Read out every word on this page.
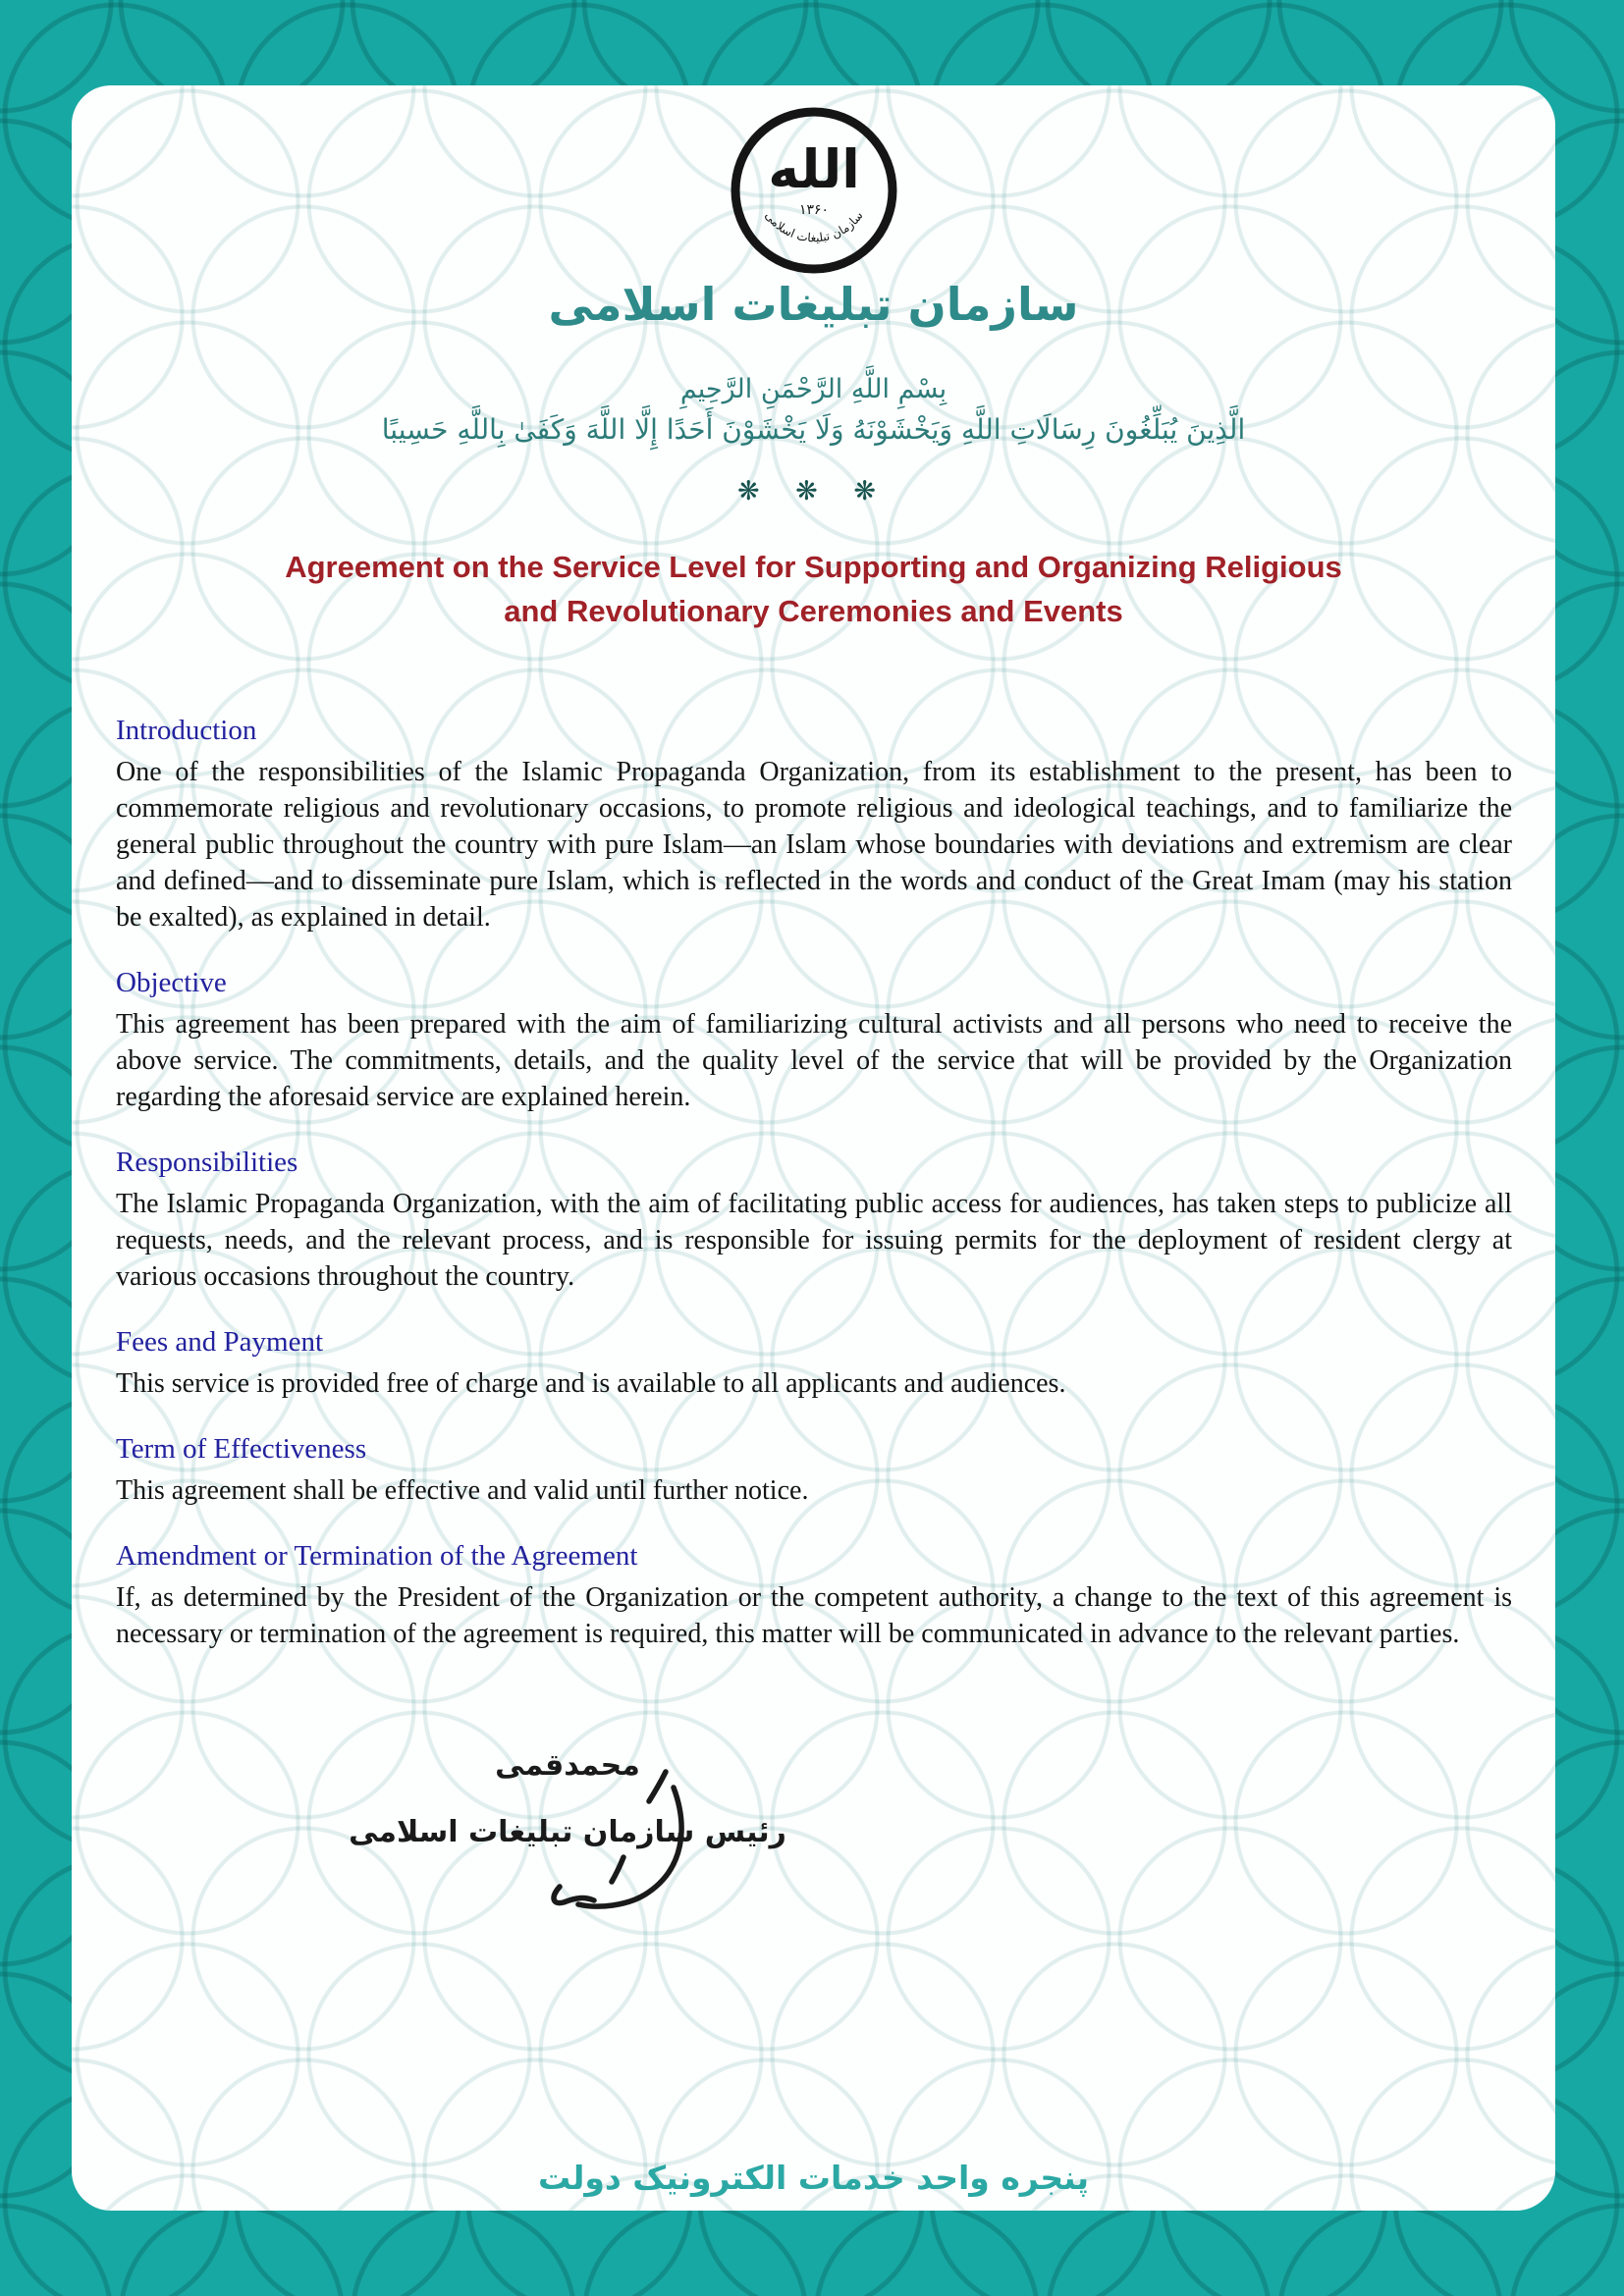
الله
۱۳۶۰
سازمان تبلیغات اسلامی
سازمان تبلیغات اسلامی
بِسْمِ اللَّهِ الرَّحْمَنِ الرَّحِيمِ
الَّذِينَ يُبَلِّغُونَ رِسَالَاتِ اللَّهِ وَيَخْشَوْنَهُ وَلَا يَخْشَوْنَ أَحَدًا إِلَّا اللَّهَ وَكَفَىٰ بِاللَّهِ حَسِيبًا
❋ ❋ ❋
Agreement on the Service Level for Supporting and Organizing Religious
and Revolutionary Ceremonies and Events
Introduction

One of the responsibilities of the Islamic Propaganda Organization, from its establishment to the present, has been to commemorate religious and revolutionary occasions, to promote religious and ideological teachings, and to familiarize the general public throughout the country with pure Islam—an Islam whose boundaries with deviations and extremism are clear and defined—and to disseminate pure Islam, which is reflected in the words and conduct of the Great Imam (may his station be exalted), as explained in detail.

Objective

This agreement has been prepared with the aim of familiarizing cultural activists and all persons who need to receive the above service. The commitments, details, and the quality level of the service that will be provided by the Organization regarding the aforesaid service are explained herein.

Responsibilities

The Islamic Propaganda Organization, with the aim of facilitating public access for audiences, has taken steps to publicize all requests, needs, and the relevant process, and is responsible for issuing permits for the deployment of resident clergy at various occasions throughout the country.

Fees and Payment

This service is provided free of charge and is available to all applicants and audiences.

Term of Effectiveness

This agreement shall be effective and valid until further notice.

Amendment or Termination of the Agreement

If, as determined by the President of the Organization or the competent authority, a change to the text of this agreement is necessary or termination of the agreement is required, this matter will be communicated in advance to the relevant parties.

محمدقمی
رئیس سازمان تبلیغات اسلامی
پنجره واحد خدمات الکترونیک دولت
